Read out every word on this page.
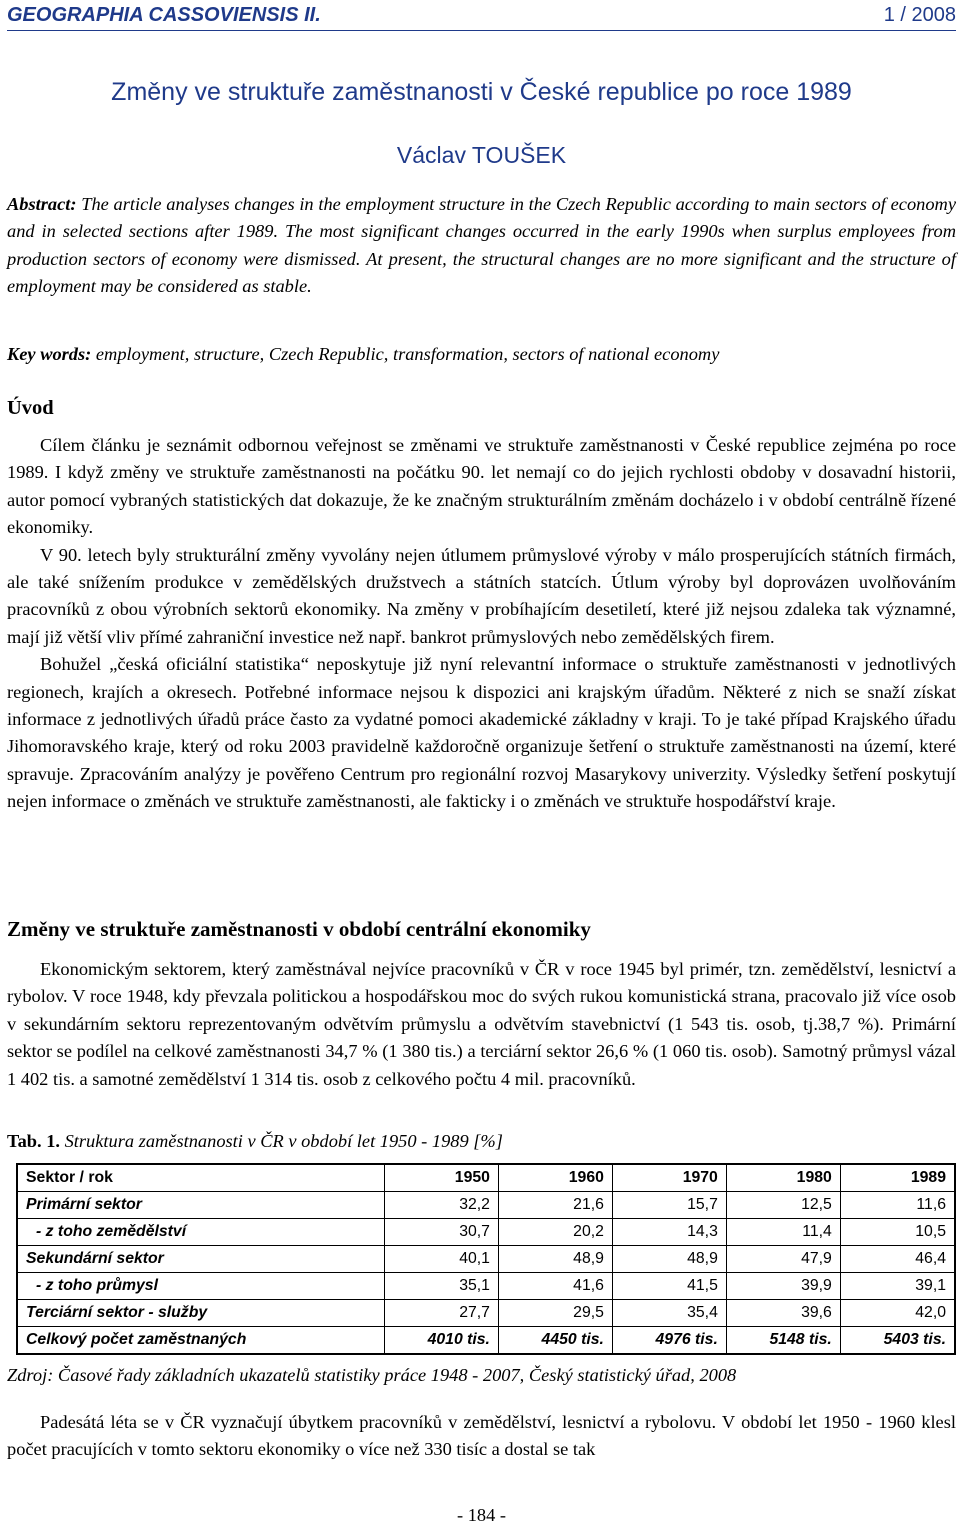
GEOGRAPHIA CASSOVIENSIS II.	1 / 2008
Změny ve struktuře zaměstnanosti v České republice po roce 1989
Václav TOUŠEK
Abstract: The article analyses changes in the employment structure in the Czech Republic according to main sectors of economy and in selected sections after 1989. The most significant changes occurred in the early 1990s when surplus employees from production sectors of economy were dismissed. At present, the structural changes are no more significant and the structure of employment may be considered as stable.
Key words: employment, structure, Czech Republic, transformation, sectors of national economy
Úvod

Cílem článku je seznámit odbornou veřejnost se změnami ve struktuře zaměstnanosti v České republice zejména po roce 1989. I když změny ve struktuře zaměstnanosti na počátku 90. let nemají co do jejich rychlosti obdoby v dosavadní historii, autor pomocí vybraných statistických dat dokazuje, že ke značným strukturálním změnám docházelo i v období centrálně řízené ekonomiky.

V 90. letech byly strukturální změny vyvolány nejen útlumem průmyslové výroby v málo prosperujících státních firmách, ale také snížením produkce v zemědělských družstvech a státních statcích. Útlum výroby byl doprovázen uvolňováním pracovníků z obou výrobních sektorů ekonomiky. Na změny v probíhajícím desetiletí, které již nejsou zdaleka tak významné, mají již větší vliv přímé zahraniční investice než např. bankrot průmyslových nebo zemědělských firem.

Bohužel „česká oficiální statistika“ neposkytuje již nyní relevantní informace o struktuře zaměstnanosti v jednotlivých regionech, krajích a okresech. Potřebné informace nejsou k dispozici ani krajským úřadům. Některé z nich se snaží získat informace z jednotlivých úřadů práce často za vydatné pomoci akademické základny v kraji. To je také případ Krajského úřadu Jihomoravského kraje, který od roku 2003 pravidelně každoročně organizuje šetření o struktuře zaměstnanosti na území, které spravuje. Zpracováním analýzy je pověřeno Centrum pro regionální rozvoj Masarykovy univerzity. Výsledky šetření poskytují nejen informace o změnách ve struktuře zaměstnanosti, ale fakticky i o změnách ve struktuře hospodářství kraje.

Změny ve struktuře zaměstnanosti v období centrální ekonomiky

Ekonomickým sektorem, který zaměstnával nejvíce pracovníků v ČR v roce 1945 byl primér, tzn. zemědělství, lesnictví a rybolov. V roce 1948, kdy převzala politickou a hospodářskou moc do svých rukou komunistická strana, pracovalo již více osob v sekundárním sektoru reprezentovaným odvětvím průmyslu a odvětvím stavebnictví (1 543 tis. osob, tj.38,7 %). Primární sektor se podílel na celkové zaměstnanosti 34,7 % (1 380 tis.) a terciární sektor 26,6 % (1 060 tis. osob). Samotný průmysl vázal 1 402 tis. a samotné zemědělství 1 314 tis. osob z celkového počtu 4 mil. pracovníků.

Tab. 1. Struktura zaměstnanosti v ČR v období let 1950 - 1989 [%]
Sektor / rok	1950	1960	1970	1980	1989
Primární sektor	32,2	21,6	15,7	12,5	11,6
- z toho zemědělství	30,7	20,2	14,3	11,4	10,5
Sekundární sektor	40,1	48,9	48,9	47,9	46,4
- z toho průmysl	35,1	41,6	41,5	39,9	39,1
Terciární sektor - služby	27,7	29,5	35,4	39,6	42,0
Celkový počet zaměstnaných	4010 tis.	4450 tis.	4976 tis.	5148 tis.	5403 tis.
Zdroj: Časové řady základních ukazatelů statistiky práce 1948 - 2007, Český statistický úřad, 2008

Padesátá léta se v ČR vyznačují úbytkem pracovníků v zemědělství, lesnictví a rybolovu. V období let 1950 - 1960 klesl počet pracujících v tomto sektoru ekonomiky o více než 330 tisíc a dostal se tak

- 184 -
